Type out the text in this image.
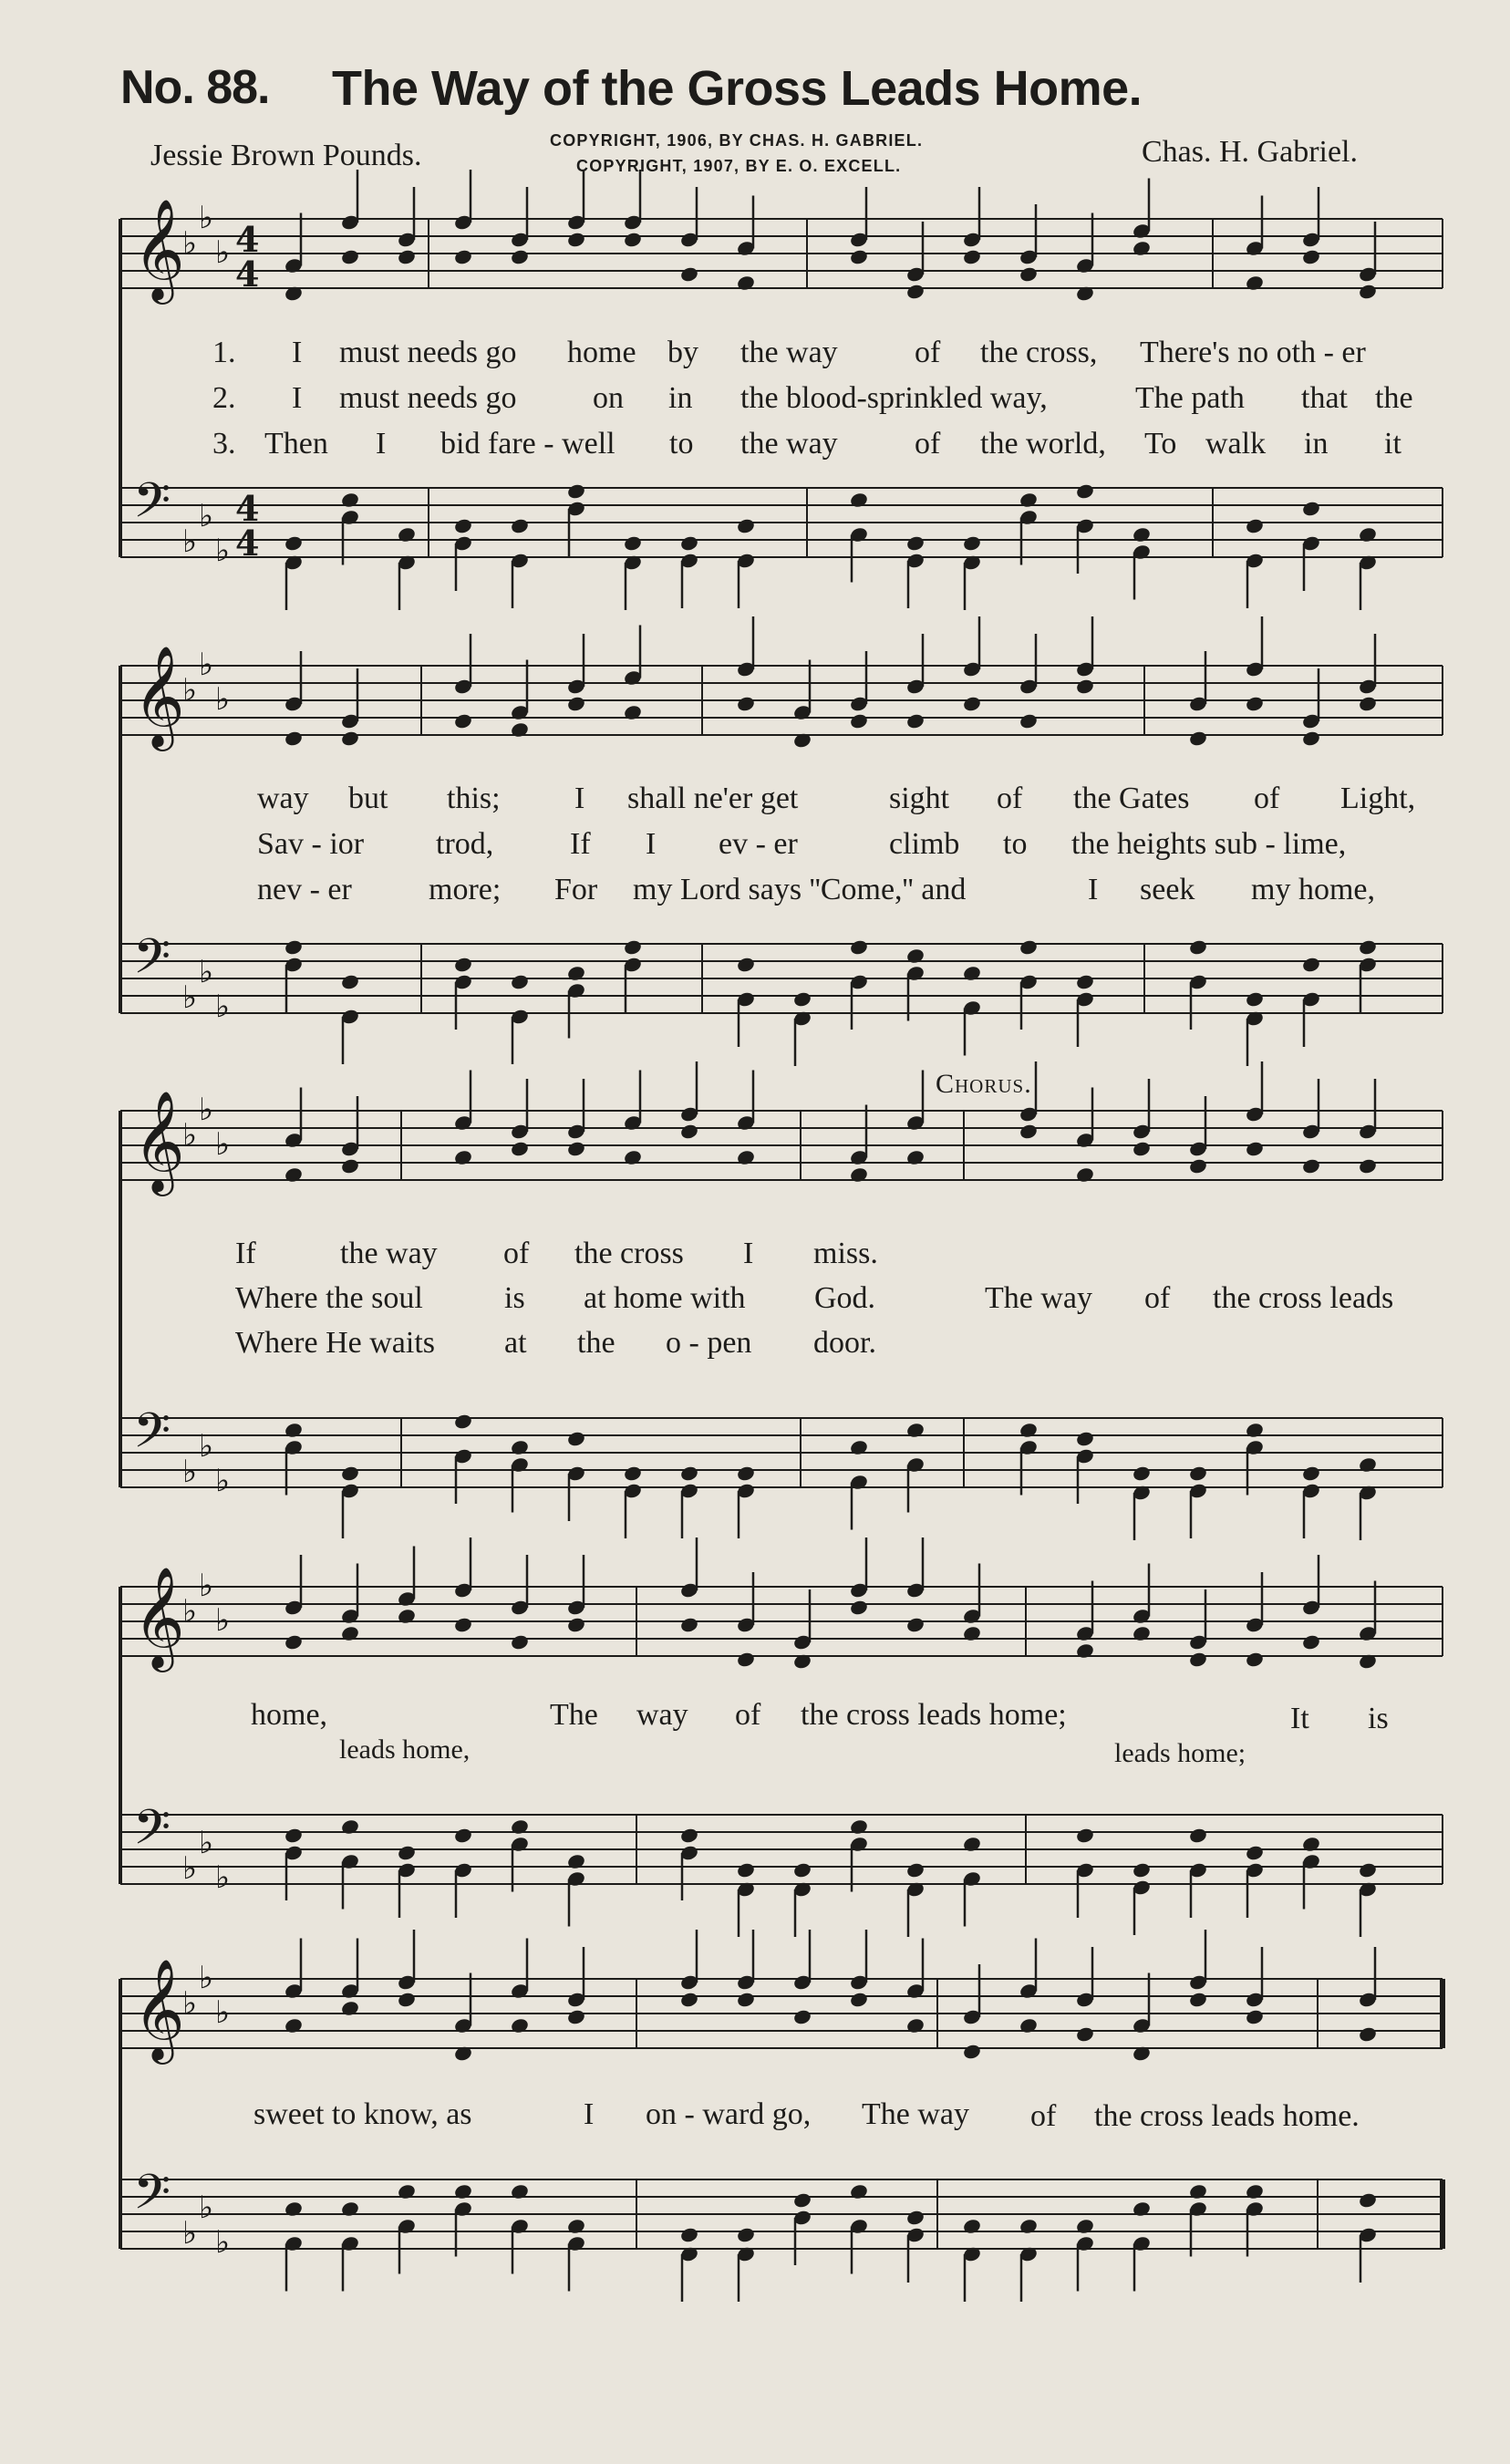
No. 88. The Way of the Gross Leads Home.
Jessie Brown Pounds.	COPYRIGHT, 1906, BY CHAS. H. GABRIEL.
COPYRIGHT, 1907, BY E. O. EXCELL.	Chas. H. Gabriel.
𝄞
♭
♭
♭ 4
4
𝄢
♭
♭
♭
4
4
𝄞
♭
♭
♭
𝄢
♭
♭
♭
𝄞
♭
♭
♭
𝄢
♭
♭
♭
𝄞
♭
♭
♭
𝄢
♭
♭
♭
𝄞
♭
♭
♭
𝄢
♭
♭
♭
1. I must needs go home by the way of the cross, There's no oth - er
2. I must needs go on in the blood-sprinkled way,	The path that the
3. Then I bid fare - well to the way of the world, To walk in it
way but this; I shall ne'er get	sight of the Gates of Light,
Sav - ior trod, If I ev - er	climb to the heights sub - lime,
nev - er more; For my Lord says ''Come,'' and	I seek my home,
Chorus.
If	the way of the cross I miss.
Where the soul	is at home with God.	The way of the cross leads
Where He waits at the o - pen door.
home,	The way of the cross leads home;	It is
leads home,	leads home;
sweet to know, as	I on - ward go, The way of the cross leads home.
